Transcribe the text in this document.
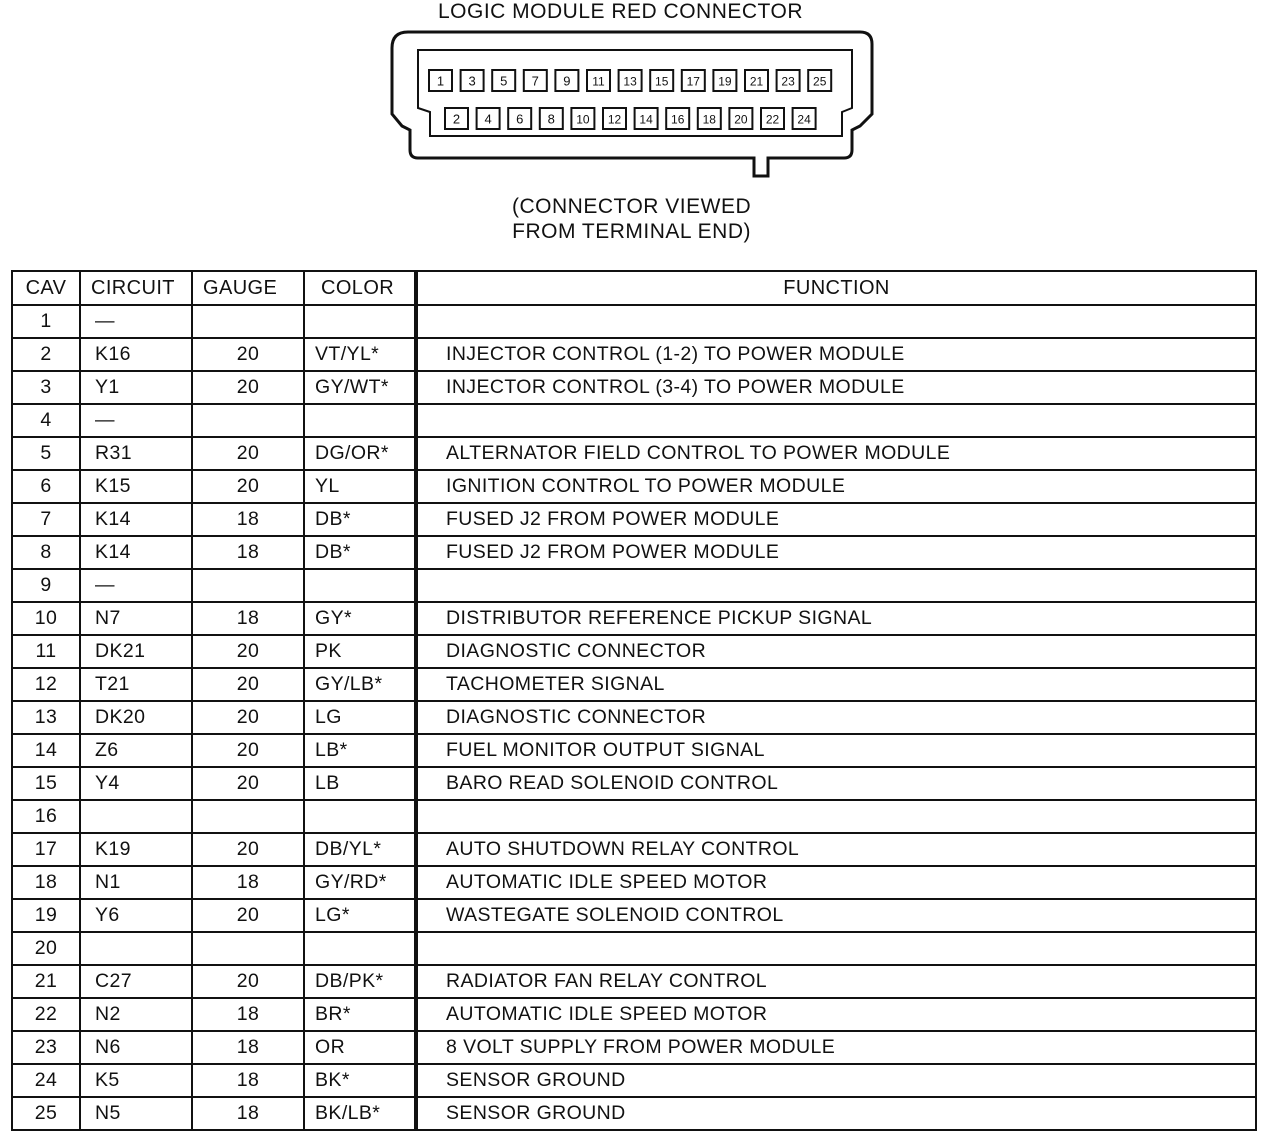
LOGIC MODULE RED CONNECTOR
1 3 5 7 9 11 13 15 17 19 21 23 25
2 4 6 8 10 12 14 16 18 20 22 24
(CONNECTOR VIEWED
FROM TERMINAL END)
CAV	CIRCUIT	GAUGE	COLOR	FUNCTION
1	—			
2	K16	20	VT/YL*	INJECTOR CONTROL (1-2) TO POWER MODULE
3	Y1	20	GY/WT*	INJECTOR CONTROL (3-4) TO POWER MODULE
4	—			
5	R31	20	DG/OR*	ALTERNATOR FIELD CONTROL TO POWER MODULE
6	K15	20	YL	IGNITION CONTROL TO POWER MODULE
7	K14	18	DB*	FUSED J2 FROM POWER MODULE
8	K14	18	DB*	FUSED J2 FROM POWER MODULE
9	—			
10	N7	18	GY*	DISTRIBUTOR REFERENCE PICKUP SIGNAL
11	DK21	20	PK	DIAGNOSTIC CONNECTOR
12	T21	20	GY/LB*	TACHOMETER SIGNAL
13	DK20	20	LG	DIAGNOSTIC CONNECTOR
14	Z6	20	LB*	FUEL MONITOR OUTPUT SIGNAL
15	Y4	20	LB	BARO READ SOLENOID CONTROL
16				
17	K19	20	DB/YL*	AUTO SHUTDOWN RELAY CONTROL
18	N1	18	GY/RD*	AUTOMATIC IDLE SPEED MOTOR
19	Y6	20	LG*	WASTEGATE SOLENOID CONTROL
20				
21	C27	20	DB/PK*	RADIATOR FAN RELAY CONTROL
22	N2	18	BR*	AUTOMATIC IDLE SPEED MOTOR
23	N6	18	OR	8 VOLT SUPPLY FROM POWER MODULE
24	K5	18	BK*	SENSOR GROUND
25	N5	18	BK/LB*	SENSOR GROUND
